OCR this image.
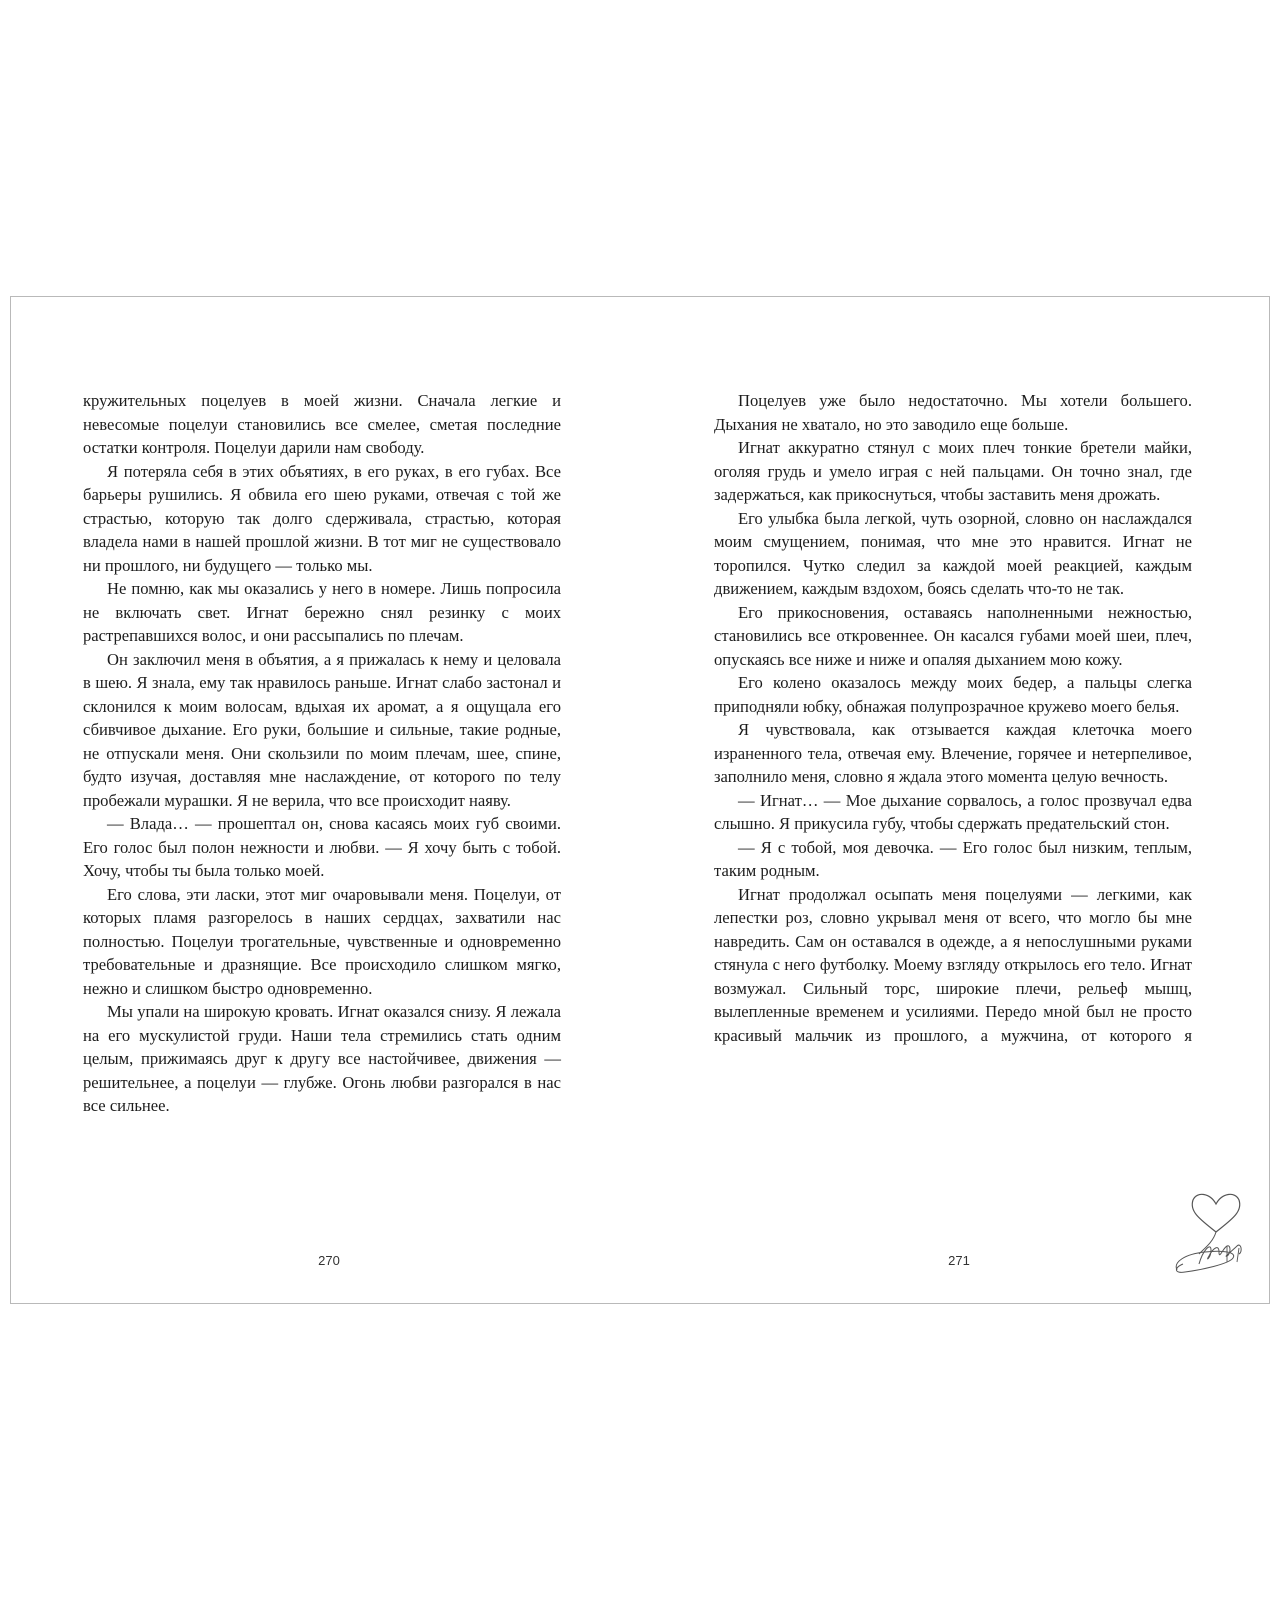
кружительных поцелуев в моей жизни. Сначала легкие и невесомые поцелуи становились все смелее, сметая последние остатки контроля. Поцелуи дарили нам свободу.

Я потеряла себя в этих объятиях, в его руках, в его губах. Все барьеры рушились. Я обвила его шею руками, отвечая с той же страстью, которую так долго сдерживала, страстью, которая владела нами в нашей прошлой жизни. В тот миг не существовало ни прошлого, ни будущего — только мы.

Не помню, как мы оказались у него в номере. Лишь попросила не включать свет. Игнат бережно снял резинку с моих растрепавшихся волос, и они рассыпались по плечам.

Он заключил меня в объятия, а я прижалась к нему и целовала в шею. Я знала, ему так нравилось раньше. Игнат слабо застонал и склонился к моим волосам, вдыхая их аромат, а я ощущала его сбивчивое дыхание. Его руки, большие и сильные, такие родные, не отпускали меня. Они скользили по моим плечам, шее, спине, будто изучая, доставляя мне наслаждение, от которого по телу пробежали мурашки. Я не верила, что все происходит наяву.

— Влада… — прошептал он, снова касаясь моих губ своими. Его голос был полон нежности и любви. — Я хочу быть с тобой. Хочу, чтобы ты была только моей.

Его слова, эти ласки, этот миг очаровывали меня. Поцелуи, от которых пламя разгорелось в наших сердцах, захватили нас полностью. Поцелуи трогательные, чувственные и одновременно требовательные и дразнящие. Все происходило слишком мягко, нежно и слишком быстро одновременно.

Мы упали на широкую кровать. Игнат оказался снизу. Я лежала на его мускулистой груди. Наши тела стремились стать одним целым, прижимаясь друг к другу все настойчивее, движения — решительнее, а поцелуи — глубже. Огонь любви разгорался в нас все сильнее.

Поцелуев уже было недостаточно. Мы хотели большего. Дыхания не хватало, но это заводило еще больше.

Игнат аккуратно стянул с моих плеч тонкие бретели майки, оголяя грудь и умело играя с ней пальцами. Он точно знал, где задержаться, как прикоснуться, чтобы заставить меня дрожать.

Его улыбка была легкой, чуть озорной, словно он наслаждался моим смущением, понимая, что мне это нравится. Игнат не торопился. Чутко следил за каждой моей реакцией, каждым движением, каждым вздохом, боясь сделать что-то не так.

Его прикосновения, оставаясь наполненными нежностью, становились все откровеннее. Он касался губами моей шеи, плеч, опускаясь все ниже и ниже и опаляя дыханием мою кожу.

Его колено оказалось между моих бедер, а пальцы слегка приподняли юбку, обнажая полупрозрачное кружево моего белья.

Я чувствовала, как отзывается каждая клеточка моего израненного тела, отвечая ему. Влечение, горячее и нетерпеливое, заполнило меня, словно я ждала этого момента целую вечность.

— Игнат… — Мое дыхание сорвалось, а голос прозвучал едва слышно. Я прикусила губу, чтобы сдержать предательский стон.

— Я с тобой, моя девочка. — Его голос был низким, теплым, таким родным.

Игнат продолжал осыпать меня поцелуями — легкими, как лепестки роз, словно укрывал меня от всего, что могло бы мне навредить. Сам он оставался в одежде, а я непослушными руками стянула с него футболку. Моему взгляду открылось его тело. Игнат возмужал. Сильный торс, широкие плечи, рельеф мышц, вылепленные временем и усилиями. Передо мной был не просто красивый мальчик из прошлого, а мужчина, от которого я

270	271
